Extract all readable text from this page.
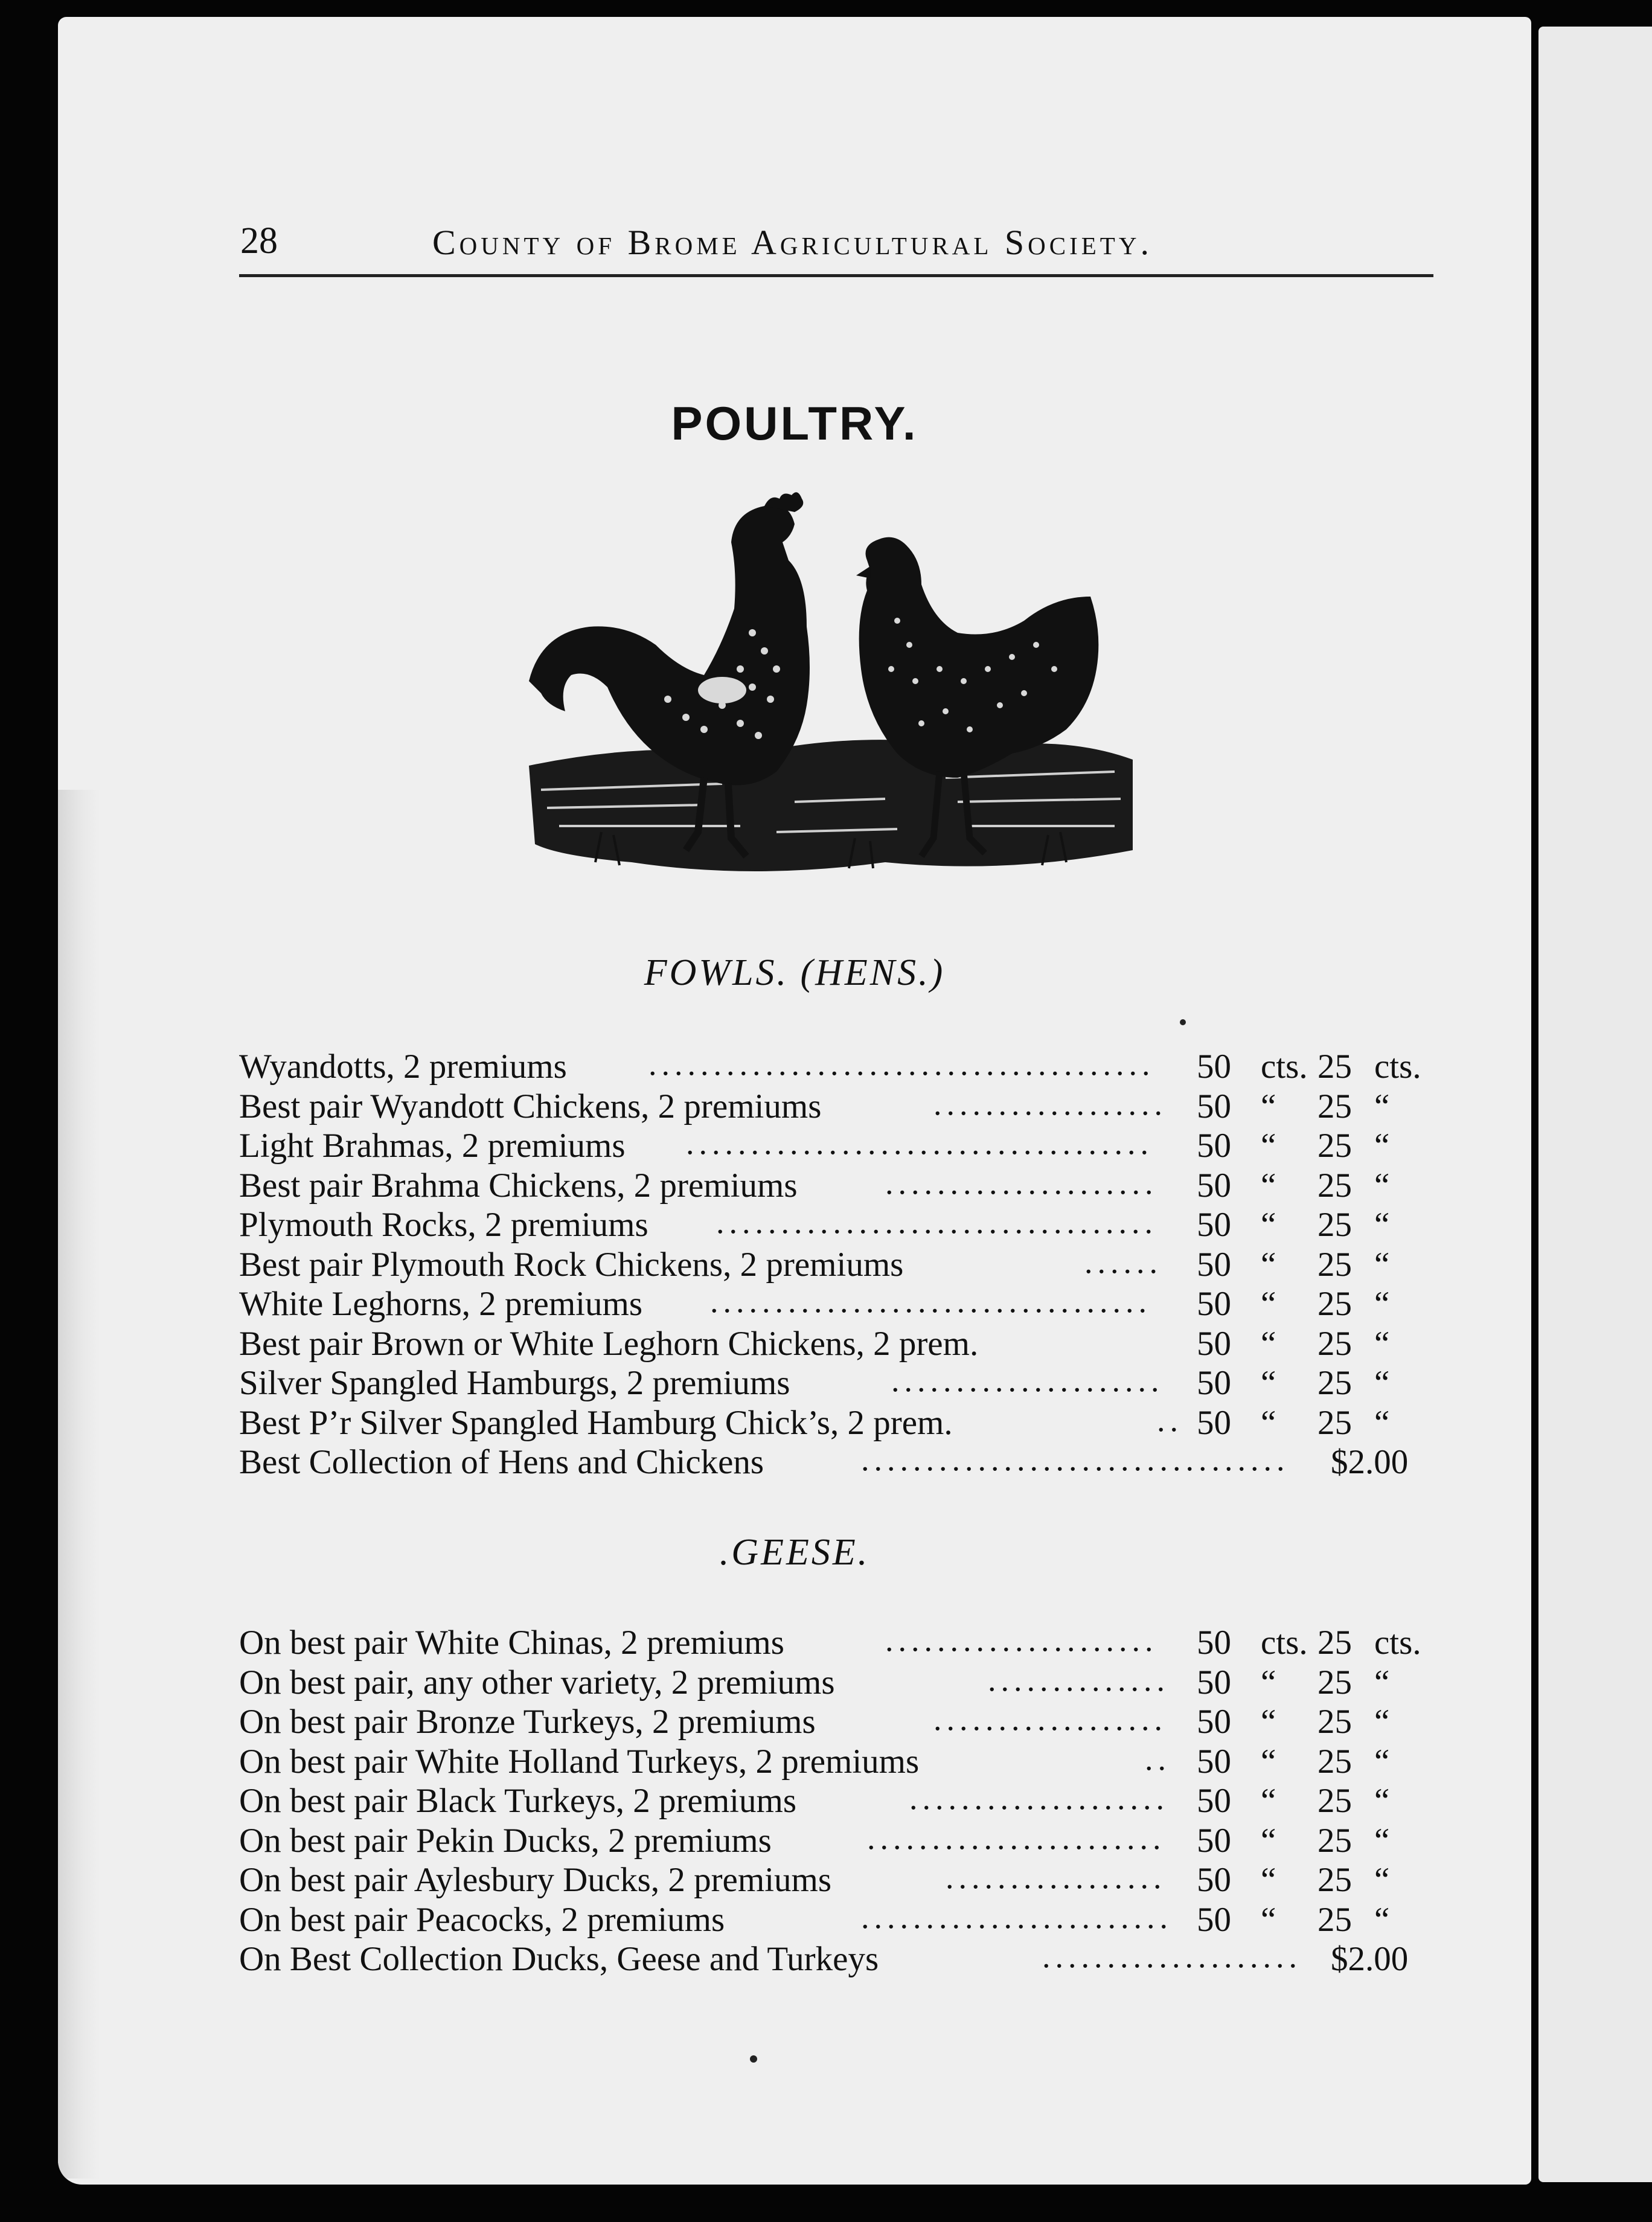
28	County of Brome Agricultural Society.
POULTRY.
FOWLS. (HENS.)
Wyandotts, 2 premiums	.......................................	50 cts. 25 cts.
Best pair Wyandott Chickens, 2 premiums	.................. 50 “	25 “
Light Brahmas, 2 premiums ....................................	50 “	25 “
Best pair Brahma Chickens, 2 premiums	.....................	50 “	25 “
Plymouth Rocks, 2 premiums ..................................	50 “	25 “
Best pair Plymouth Rock Chickens, 2 premiums	......	50 “	25 “
White Leghorns, 2 premiums ..................................	50 “	25 “
Best pair Brown or White Leghorn Chickens, 2 prem.	50 “	25 “
Silver Spangled Hamburgs, 2 premiums	..................... 50 “	25 “
Best P’r Silver Spangled Hamburg Chick’s, 2 prem.	.. 50 “	25 “
Best Collection of Hens and Chickens	.................................	$2.00
.GEESE.
On best pair White Chinas, 2 premiums	.....................	50 cts. 25 cts.
On best pair, any other variety, 2 premiums	.............. 50 “	25 “
On best pair Bronze Turkeys, 2 premiums	.................. 50 “	25 “
On best pair White Holland Turkeys, 2 premiums	.. 50 “	25 “
On best pair Black Turkeys, 2 premiums	.................... 50 “	25 “
On best pair Pekin Ducks, 2 premiums	....................... 50 “	25 “
On best pair Aylesbury Ducks, 2 premiums	................. 50 “	25 “
On best pair Peacocks, 2 premiums	........................ 50 “	25 “
On Best Collection Ducks, Geese and Turkeys	.................... $2.00
